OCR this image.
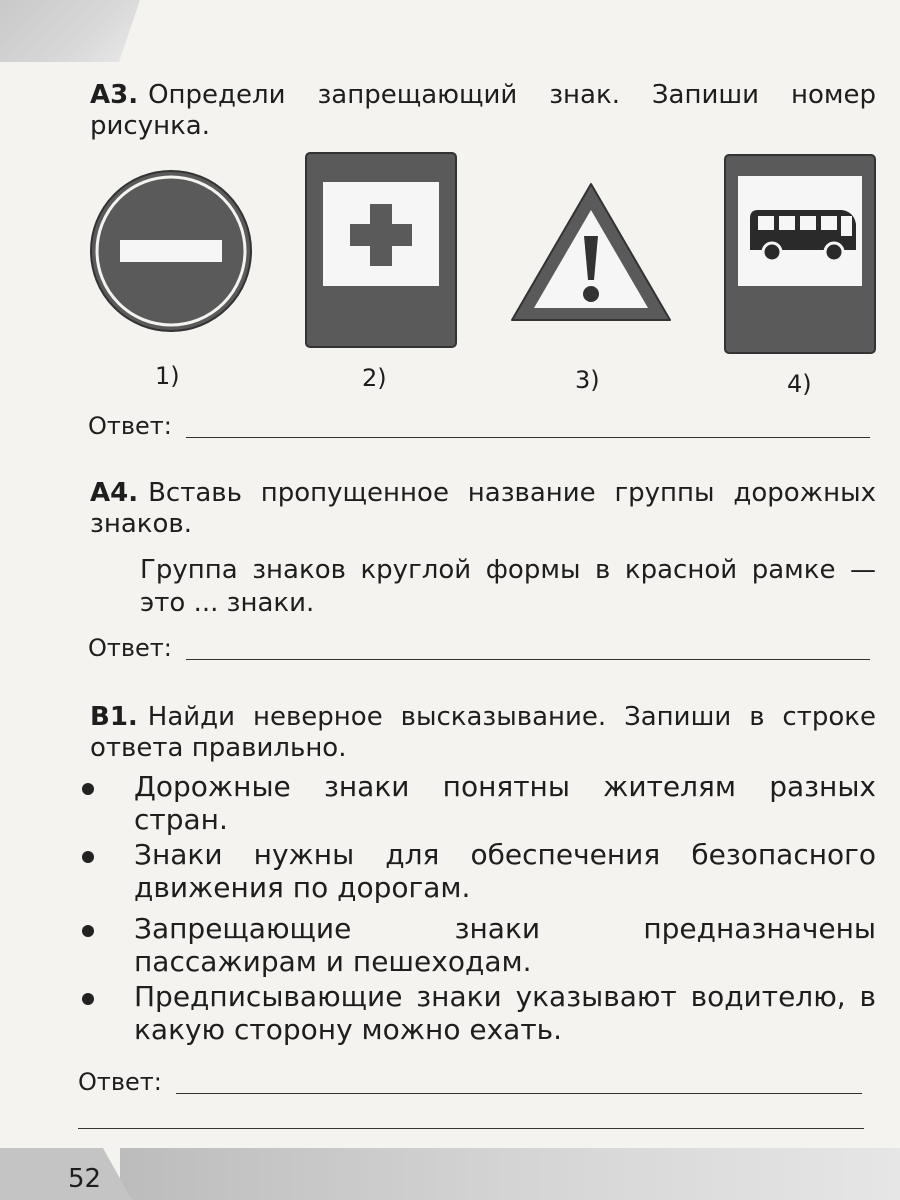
А3. Определи запрещающий знак. Запиши номер рисунка.
1)	2)	3)	4)
Ответ:
А4. Вставь пропущенное название группы дорожных знаков.
Группа знаков круглой формы в красной рамке — это ... знаки.
Ответ:
В1. Найди неверное высказывание. Запиши в строке ответа правильно.
Дорожные знаки понятны жителям разных стран.
Знаки нужны для обеспечения безопасного движения по дорогам.
Запрещающие знаки предназначены пассажирам и пешеходам.
Предписывающие знаки указывают водителю, в какую сторону можно ехать.
Ответ:
52
